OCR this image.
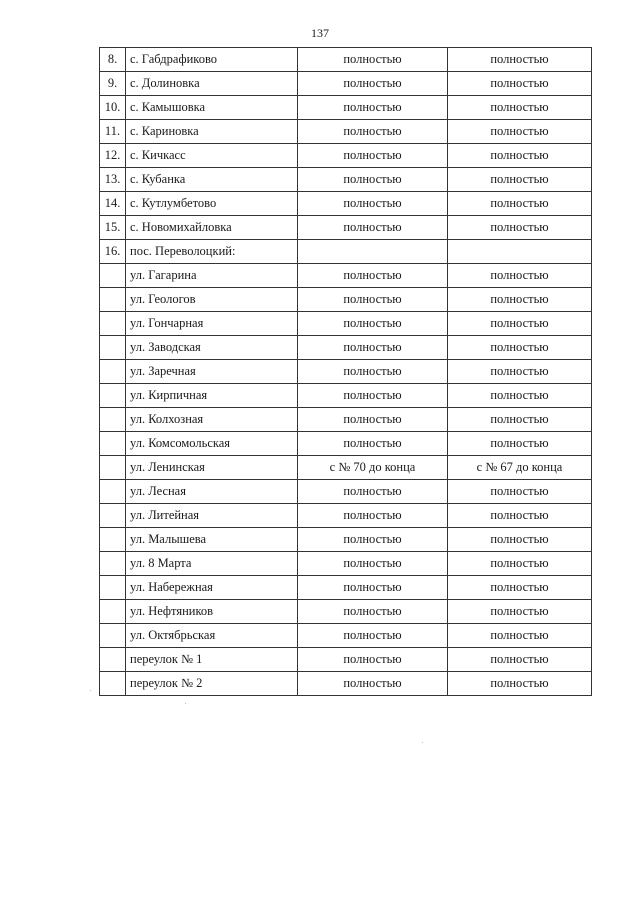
137
8.	с. Габдрафиково	полностью	полностью
9.	с. Долиновка	полностью	полностью
10.	с. Камышовка	полностью	полностью
11.	с. Кариновка	полностью	полностью
12.	с. Кичкасс	полностью	полностью
13.	с. Кубанка	полностью	полностью
14.	с. Кутлумбетово	полностью	полностью
15.	с. Новомихайловка	полностью	полностью
16.	пос. Переволоцкий:		
	ул. Гагарина	полностью	полностью
	ул. Геологов	полностью	полностью
	ул. Гончарная	полностью	полностью
	ул. Заводская	полностью	полностью
	ул. Заречная	полностью	полностью
	ул. Кирпичная	полностью	полностью
	ул. Колхозная	полностью	полностью
	ул. Комсомольская	полностью	полностью
	ул. Ленинская	с № 70 до конца	с № 67 до конца
	ул. Лесная	полностью	полностью
	ул. Литейная	полностью	полностью
	ул. Малышева	полностью	полностью
	ул. 8 Марта	полностью	полностью
	ул. Набережная	полностью	полностью
	ул. Нефтяников	полностью	полностью
	ул. Октябрьская	полностью	полностью
	переулок № 1	полностью	полностью
	переулок № 2	полностью	полностью
